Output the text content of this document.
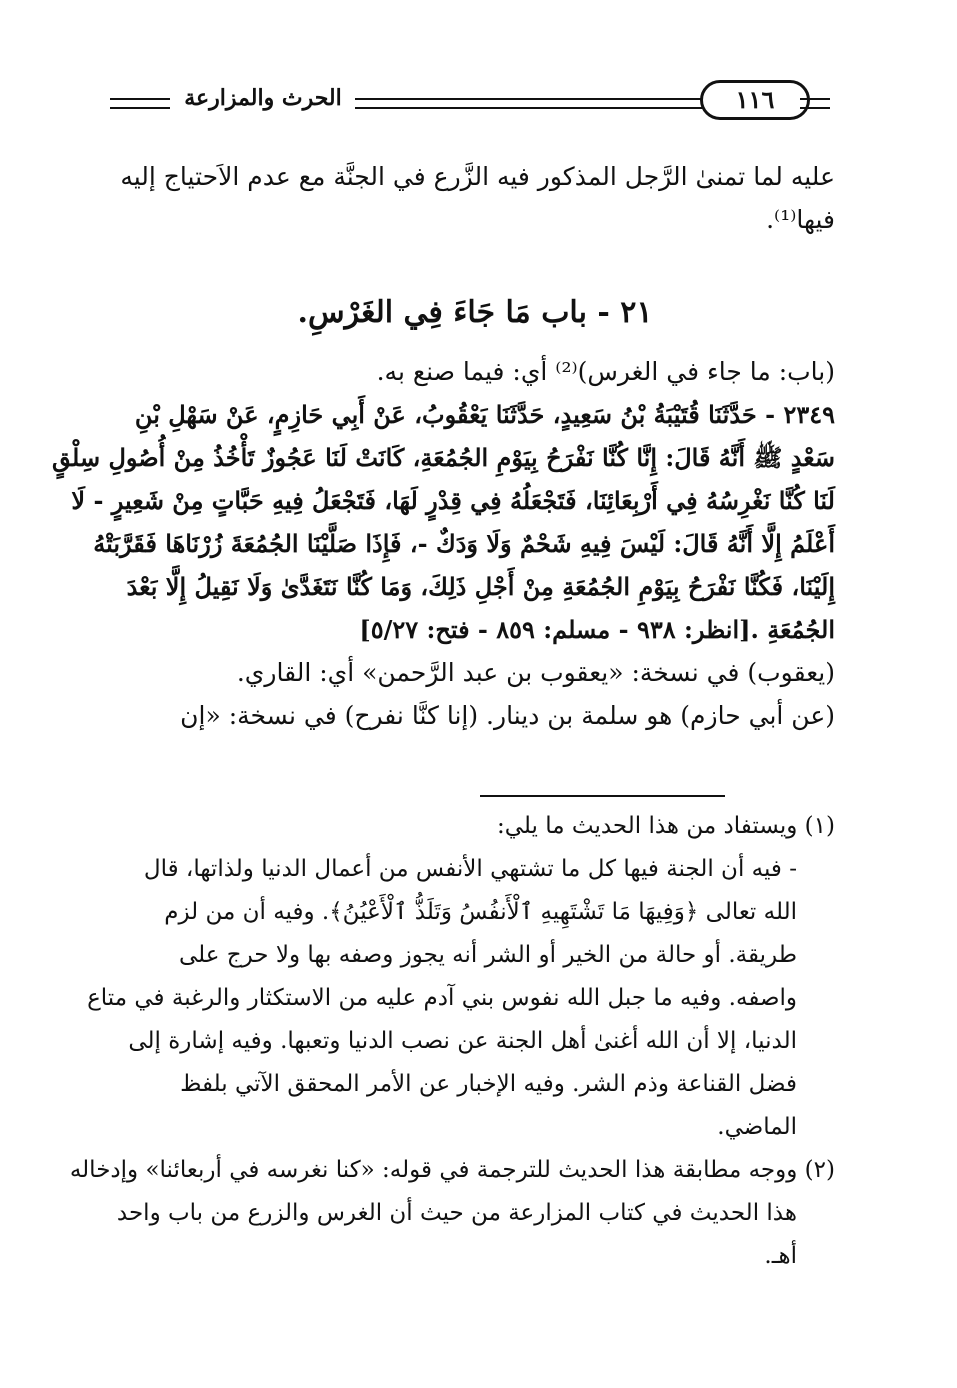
الحرث والمزارعة	١١٦
عليه لما تمنىٰ الرَّجل المذكور فيه الزَّرع في الجنَّة مع عدم الاَحتياج إليه
فيها⁽¹⁾.
٢١ - باب مَا جَاءَ فِي الغَرْسِ.
(باب: ما جاء في الغرس)⁽²⁾ أي: فيما صنع به.
٢٣٤٩ - حَدَّثَنَا قُتَيْبَةُ بْنُ سَعِيدٍ، حَدَّثَنَا يَعْقُوبُ، عَنْ أَبِي حَازِمٍ، عَنْ سَهْلِ بْنِ
سَعْدٍ ﷺ أَنَّهُ قَالَ: إِنَّا كُنَّا نَفْرَحُ بِيَوْمِ الجُمُعَةِ، كَانَتْ لَنَا عَجُوزٌ تَأْخُذُ مِنْ أُصُولِ سِلْقٍ
لَنَا كُنَّا نَغْرِسُهُ فِي أَرْبِعَائِنَا، فَتَجْعَلُهُ فِي قِدْرٍ لَهَا، فَتَجْعَلُ فِيهِ حَبَّاتٍ مِنْ شَعِيرٍ - لَا
أَعْلَمُ إِلَّا أَنَّهُ قَالَ: لَيْسَ فِيهِ شَحْمٌ وَلَا وَدَكٌ -، فَإِذَا صَلَّيْنَا الجُمُعَةَ زُرْنَاهَا فَقَرَّبَتْهُ
إِلَيْنَا، فَكُنَّا نَفْرَحُ بِيَوْمِ الجُمُعَةِ مِنْ أَجْلِ ذَلِكَ، وَمَا كُنَّا نَتَغَدَّىٰ وَلَا نَقِيلُ إِلَّا بَعْدَ
الجُمُعَةِ .[انظر: ٩٣٨ - مسلم: ٨٥٩ - فتح: ٥/٢٧]
(يعقوب) في نسخة: «يعقوب بن عبد الرَّحمن» أي: القاري.
(عن أبي حازم) هو سلمة بن دينار. (إنا كنَّا نفرح) في نسخة: «إن
(١) ويستفاد من هذا الحديث ما يلي:
- فيه أن الجنة فيها كل ما تشتهي الأنفس من أعمال الدنيا ولذاتها، قال
الله تعالى ﴿وَفِيهَا مَا تَشْتَهِيهِ ٱلْأَنفُسُ وَتَلَذُّ ٱلْأَعْيُنُ﴾. وفيه أن من لزم
طريقة. أو حالة من الخير أو الشر أنه يجوز وصفه بها ولا حرج على
واصفه. وفيه ما جبل الله نفوس بني آدم عليه من الاستكثار والرغبة في متاع
الدنيا، إلا أن الله أغنىٰ أهل الجنة عن نصب الدنيا وتعبها. وفيه إشارة إلى
فضل القناعة وذم الشر. وفيه الإخبار عن الأمر المحقق الآتي بلفظ
الماضي.
(٢) ووجه مطابقة هذا الحديث للترجمة في قوله: «كنا نغرسه في أربعائنا» وإدخاله
هذا الحديث في كتاب المزارعة من حيث أن الغرس والزرع من باب واحد
أهـ.
